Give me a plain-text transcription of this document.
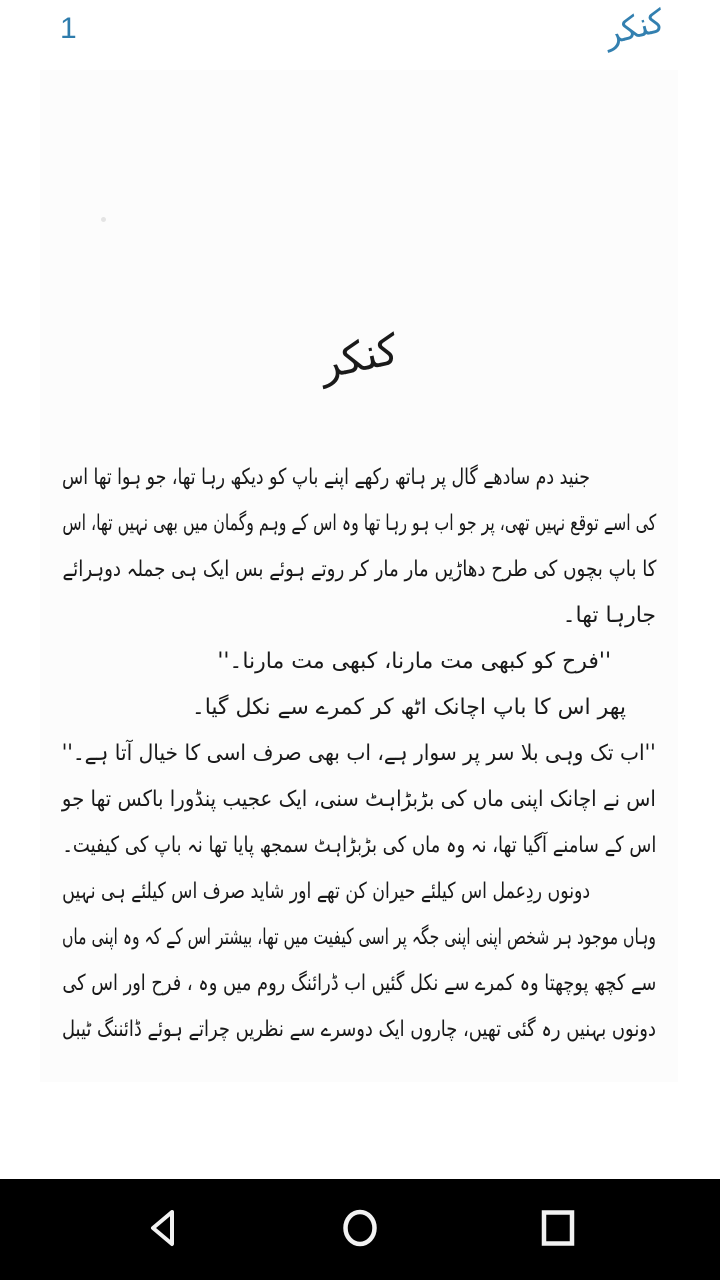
1	کنکر
کنکر
جنید دم سادھے گال پر ہاتھ رکھے اپنے باپ کو دیکھ رہا تھا، جو ہوا تھا اس
کی اسے توقع نہیں تھی، پر جو اب ہو رہا تھا وہ اس کے وہم وگمان میں بھی نہیں تھا، اس
کا باپ بچوں کی طرح دھاڑیں مار مار کر روتے ہوئے بس ایک ہی جملہ دوہرائے
جارہا تھا۔
''فرح کو کبھی مت مارنا، کبھی مت مارنا۔''
پھر اس کا باپ اچانک اٹھ کر کمرے سے نکل گیا۔
''اب تک وہی بلا سر پر سوار ہے، اب بھی صرف اسی کا خیال آتا ہے۔''
اس نے اچانک اپنی ماں کی بڑبڑاہٹ سنی، ایک عجیب پنڈورا باکس تھا جو
اس کے سامنے آگیا تھا، نہ وہ ماں کی بڑبڑاہٹ سمجھ پایا تھا نہ باپ کی کیفیت۔
دونوں ردِعمل اس کیلئے حیران کن تھے اور شاید صرف اس کیلئے ہی نہیں
وہاں موجود ہر شخص اپنی اپنی جگہ پر اسی کیفیت میں تھا، بیشتر اس کے کہ وہ اپنی ماں
سے کچھ پوچھتا وہ کمرے سے نکل گئیں اب ڈرائنگ روم میں وہ ، فرح اور اس کی
دونوں بہنیں رہ گئی تھیں، چاروں ایک دوسرے سے نظریں چراتے ہوئے ڈائننگ ٹیبل
